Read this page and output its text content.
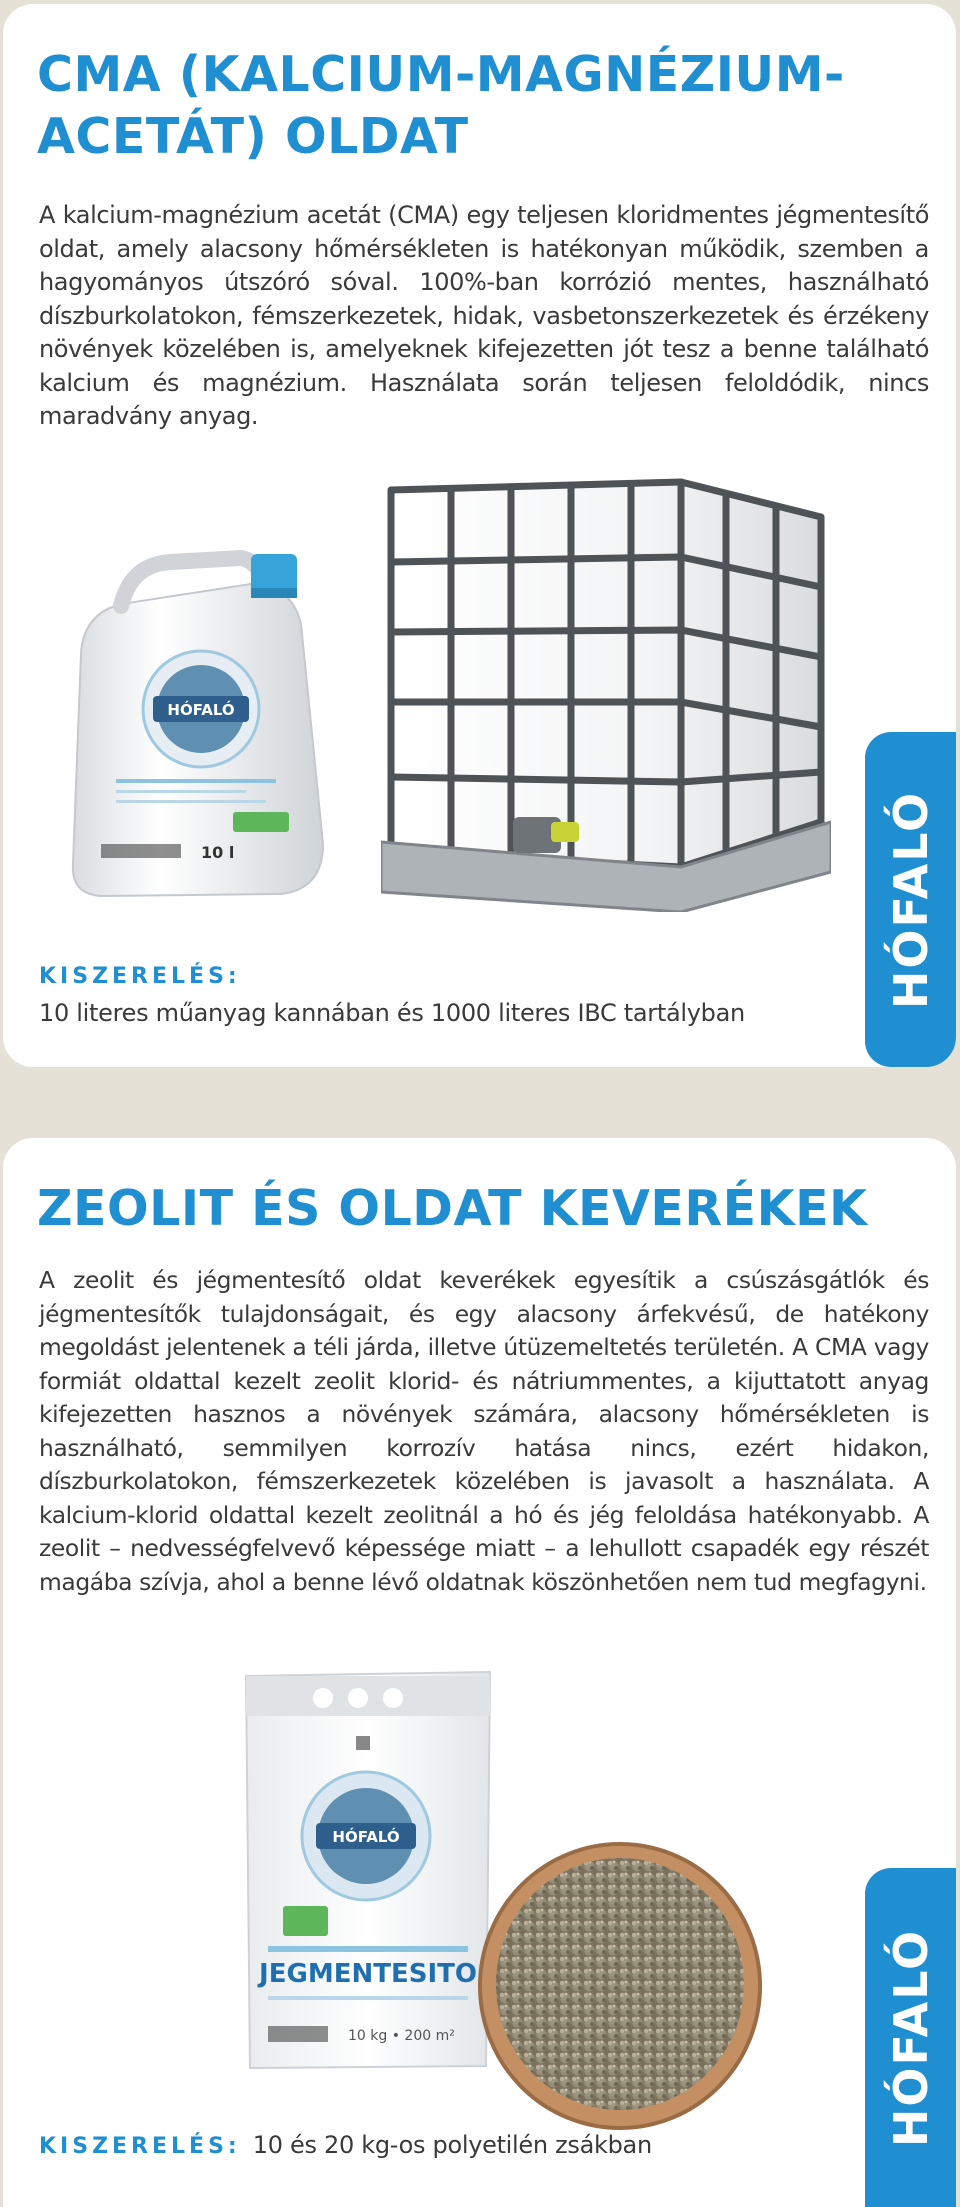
CMA (KALCIUM-MAGNÉZIUM-ACETÁT) OLDAT

A kalcium-magnézium acetát (CMA) egy teljesen kloridmentes jégmentesítő oldat, amely alacsony hőmérsékleten is hatékonyan működik, szemben a hagyományos útszóró sóval. 100%-ban korrózió mentes, használható díszburkolatokon, fémszerkezetek, hidak, vasbetonszerkezetek és érzékeny növények közelében is, amelyeknek kifejezetten jót tesz a benne található kalcium és magnézium. Használata során teljesen feloldódik, nincs maradvány anyag.

HÓFALÓ
10 l
KISZERELÉS:
10 literes műanyag kannában és 1000 literes IBC tartályban
HÓFALÓ
ZEOLIT ÉS OLDAT KEVERÉKEK

A zeolit és jégmentesítő oldat keverékek egyesítik a csúszásgátlók és jégmentesítők tulajdonságait, és egy alacsony árfekvésű, de hatékony megoldást jelentenek a téli járda, illetve útüzemeltetés területén. A CMA vagy formiát oldattal kezelt zeolit klorid- és nátriummentes, a kijuttatott anyag kifejezetten hasznos a növények számára, alacsony hőmérsékleten is használható, semmilyen korrozív hatása nincs, ezért hidakon, díszburkolatokon, fémszerkezetek közelében is javasolt a használata. A kalcium-klorid oldattal kezelt zeolitnál a hó és jég feloldása hatékonyabb. A zeolit – nedvességfelvevő képessége miatt – a lehullott csapadék egy részét magába szívja, ahol a benne lévő oldatnak köszönhetően nem tud megfagyni.

HÓFALÓ
JEGMENTESITO
10 kg • 200 m²
KISZERELÉS: 10 és 20 kg-os polyetilén zsákban	HÓFALÓ
